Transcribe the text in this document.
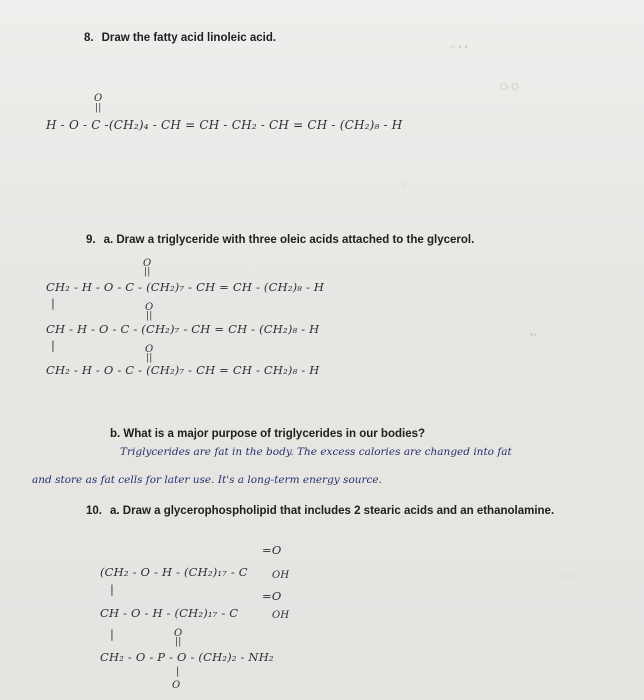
≈ • •
O‑O
○
••
○‑○
8. Draw the fatty acid linoleic acid.
O
||
H - O - C -(CH₂)₄ - CH = CH - CH₂ - CH = CH - (CH₂)₈ - H
9. a. Draw a triglyceride with three oleic acids attached to the glycerol.
O
||
CH₂ - H - O - C - (CH₂)₇ - CH = CH - (CH₂)₈ - H
|	O
||
CH - H - O - C - (CH₂)₇ - CH = CH - (CH₂)₈ - H
|	O
||
CH₂ - H - O - C - (CH₂)₇ - CH = CH - CH₂)₈ - H
b. What is a major purpose of triglycerides in our bodies?
Triglycerides are fat in the body. The excess calories are changed into fat
and store as fat cells for later use. It's a long-term energy source.
10. a. Draw a glycerophospholipid that includes 2 stearic acids and an ethanolamine.
=O
(CH₂ - O - H - (CH₂)₁₇ - C OH
|	=O
CH - O - H - (CH₂)₁₇ - C	OH
|	O
||
CH₂ - O - P - O - (CH₂)₂ - NH₂
|
O
